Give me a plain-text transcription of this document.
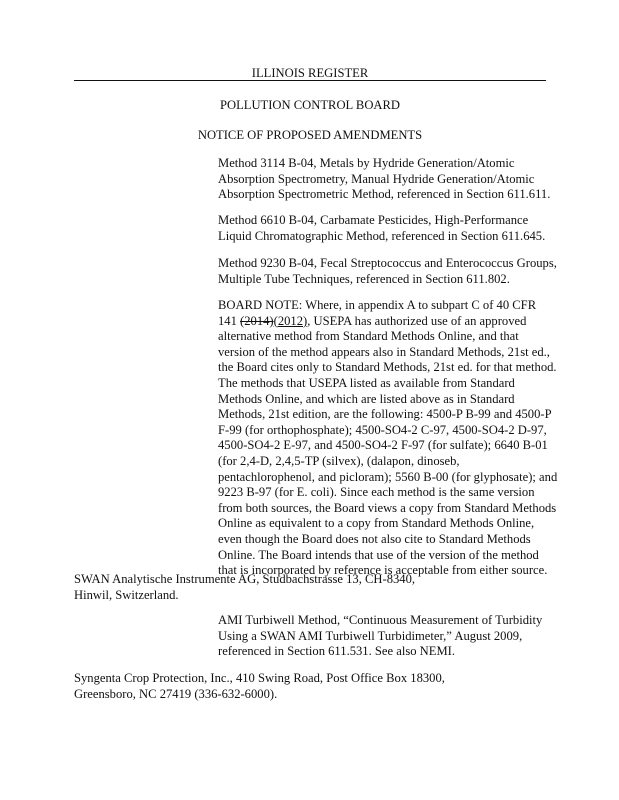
ILLINOIS REGISTER
POLLUTION CONTROL BOARD
NOTICE OF PROPOSED AMENDMENTS
Method 3114 B-04, Metals by Hydride Generation/Atomic
Absorption Spectrometry, Manual Hydride Generation/Atomic
Absorption Spectrometric Method, referenced in Section 611.611.
Method 6610 B-04, Carbamate Pesticides, High-Performance
Liquid Chromatographic Method, referenced in Section 611.645.
Method 9230 B-04, Fecal Streptococcus and Enterococcus Groups,
Multiple Tube Techniques, referenced in Section 611.802.
BOARD NOTE: Where, in appendix A to subpart C of 40 CFR
141 (2014)(2012), USEPA has authorized use of an approved
alternative method from Standard Methods Online, and that
version of the method appears also in Standard Methods, 21st ed.,
the Board cites only to Standard Methods, 21st ed. for that method.
The methods that USEPA listed as available from Standard
Methods Online, and which are listed above as in Standard
Methods, 21st edition, are the following: 4500-P B-99 and 4500-P
F-99 (for orthophosphate); 4500-SO4-2 C-97, 4500-SO4-2 D-97,
4500-SO4-2 E-97, and 4500-SO4-2 F-97 (for sulfate); 6640 B-01
(for 2,4-D, 2,4,5-TP (silvex), (dalapon, dinoseb,
pentachlorophenol, and picloram); 5560 B-00 (for glyphosate); and
9223 B-97 (for E. coli). Since each method is the same version
from both sources, the Board views a copy from Standard Methods
Online as equivalent to a copy from Standard Methods Online,
even though the Board does not also cite to Standard Methods
Online. The Board intends that use of the version of the method
that is incorporated by reference is acceptable from either source.
SWAN Analytische Instrumente AG, Studbachstrasse 13, CH-8340,
Hinwil, Switzerland.
AMI Turbiwell Method, “Continuous Measurement of Turbidity
Using a SWAN AMI Turbiwell Turbidimeter,” August 2009,
referenced in Section 611.531. See also NEMI.
Syngenta Crop Protection, Inc., 410 Swing Road, Post Office Box 18300,
Greensboro, NC 27419 (336-632-6000).
